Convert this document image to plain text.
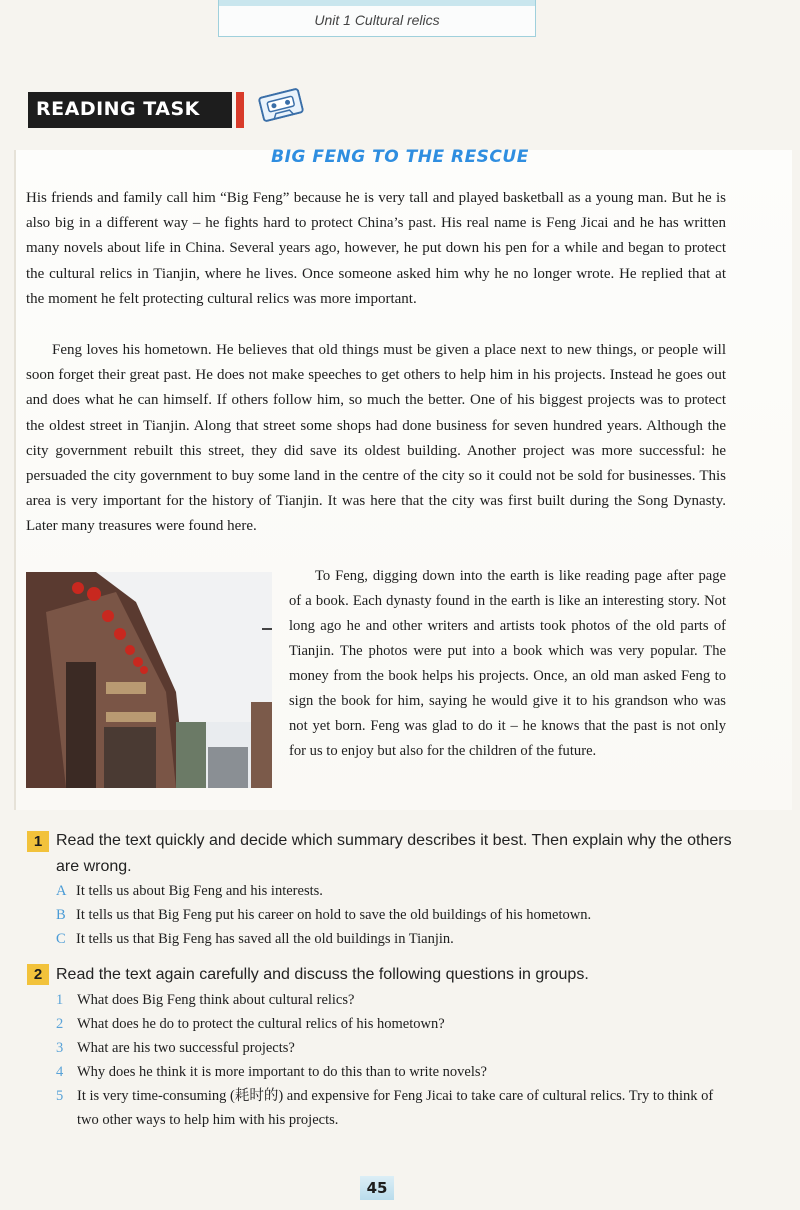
Unit 1 Cultural relics
READING TASK
BIG FENG TO THE RESCUE

His friends and family call him “Big Feng” because he is very tall and played basketball as a young man. But he is also big in a different way – he fights hard to protect China’s past. His real name is Feng Jicai and he has written many novels about life in China. Several years ago, however, he put down his pen for a while and began to protect the cultural relics in Tianjin, where he lives. Once someone asked him why he no longer wrote. He replied that at the moment he felt protecting cultural relics was more important.

Feng loves his hometown. He believes that old things must be given a place next to new things, or people will soon forget their great past. He does not make speeches to get others to help him in his projects. Instead he goes out and does what he can himself. If others follow him, so much the better. One of his biggest projects was to protect the oldest street in Tianjin. Along that street some shops had done business for seven hundred years. Although the city government rebuilt this street, they did save its oldest building. Another project was more successful: he persuaded the city government to buy some land in the centre of the city so it could not be sold for businesses. This area is very important for the history of Tianjin. It was here that the city was first built during the Song Dynasty. Later many treasures were found here.

To Feng, digging down into the earth is like reading page after page of a book. Each dynasty found in the earth is like an interesting story. Not long ago he and other writers and artists took photos of the old parts of Tianjin. The photos were put into a book which was very popular. The money from the book helps his projects. Once, an old man asked Feng to sign the book for him, saying he would give it to his grandson who was not yet born. Feng was glad to do it – he knows that the past is not only for us to enjoy but also for the children of the future.

1 Read the text quickly and decide which summary describes it best. Then explain why the others are wrong.
A It tells us about Big Feng and his interests.
B It tells us that Big Feng put his career on hold to save the old buildings of his hometown.
C It tells us that Big Feng has saved all the old buildings in Tianjin.
2 Read the text again carefully and discuss the following questions in groups.
1 What does Big Feng think about cultural relics?
2 What does he do to protect the cultural relics of his hometown?
3 What are his two successful projects?
4 Why does he think it is more important to do this than to write novels?
5 It is very time-consuming (耗时的) and expensive for Feng Jicai to take care of cultural relics. Try to think of two other ways to help him with his projects.
45
